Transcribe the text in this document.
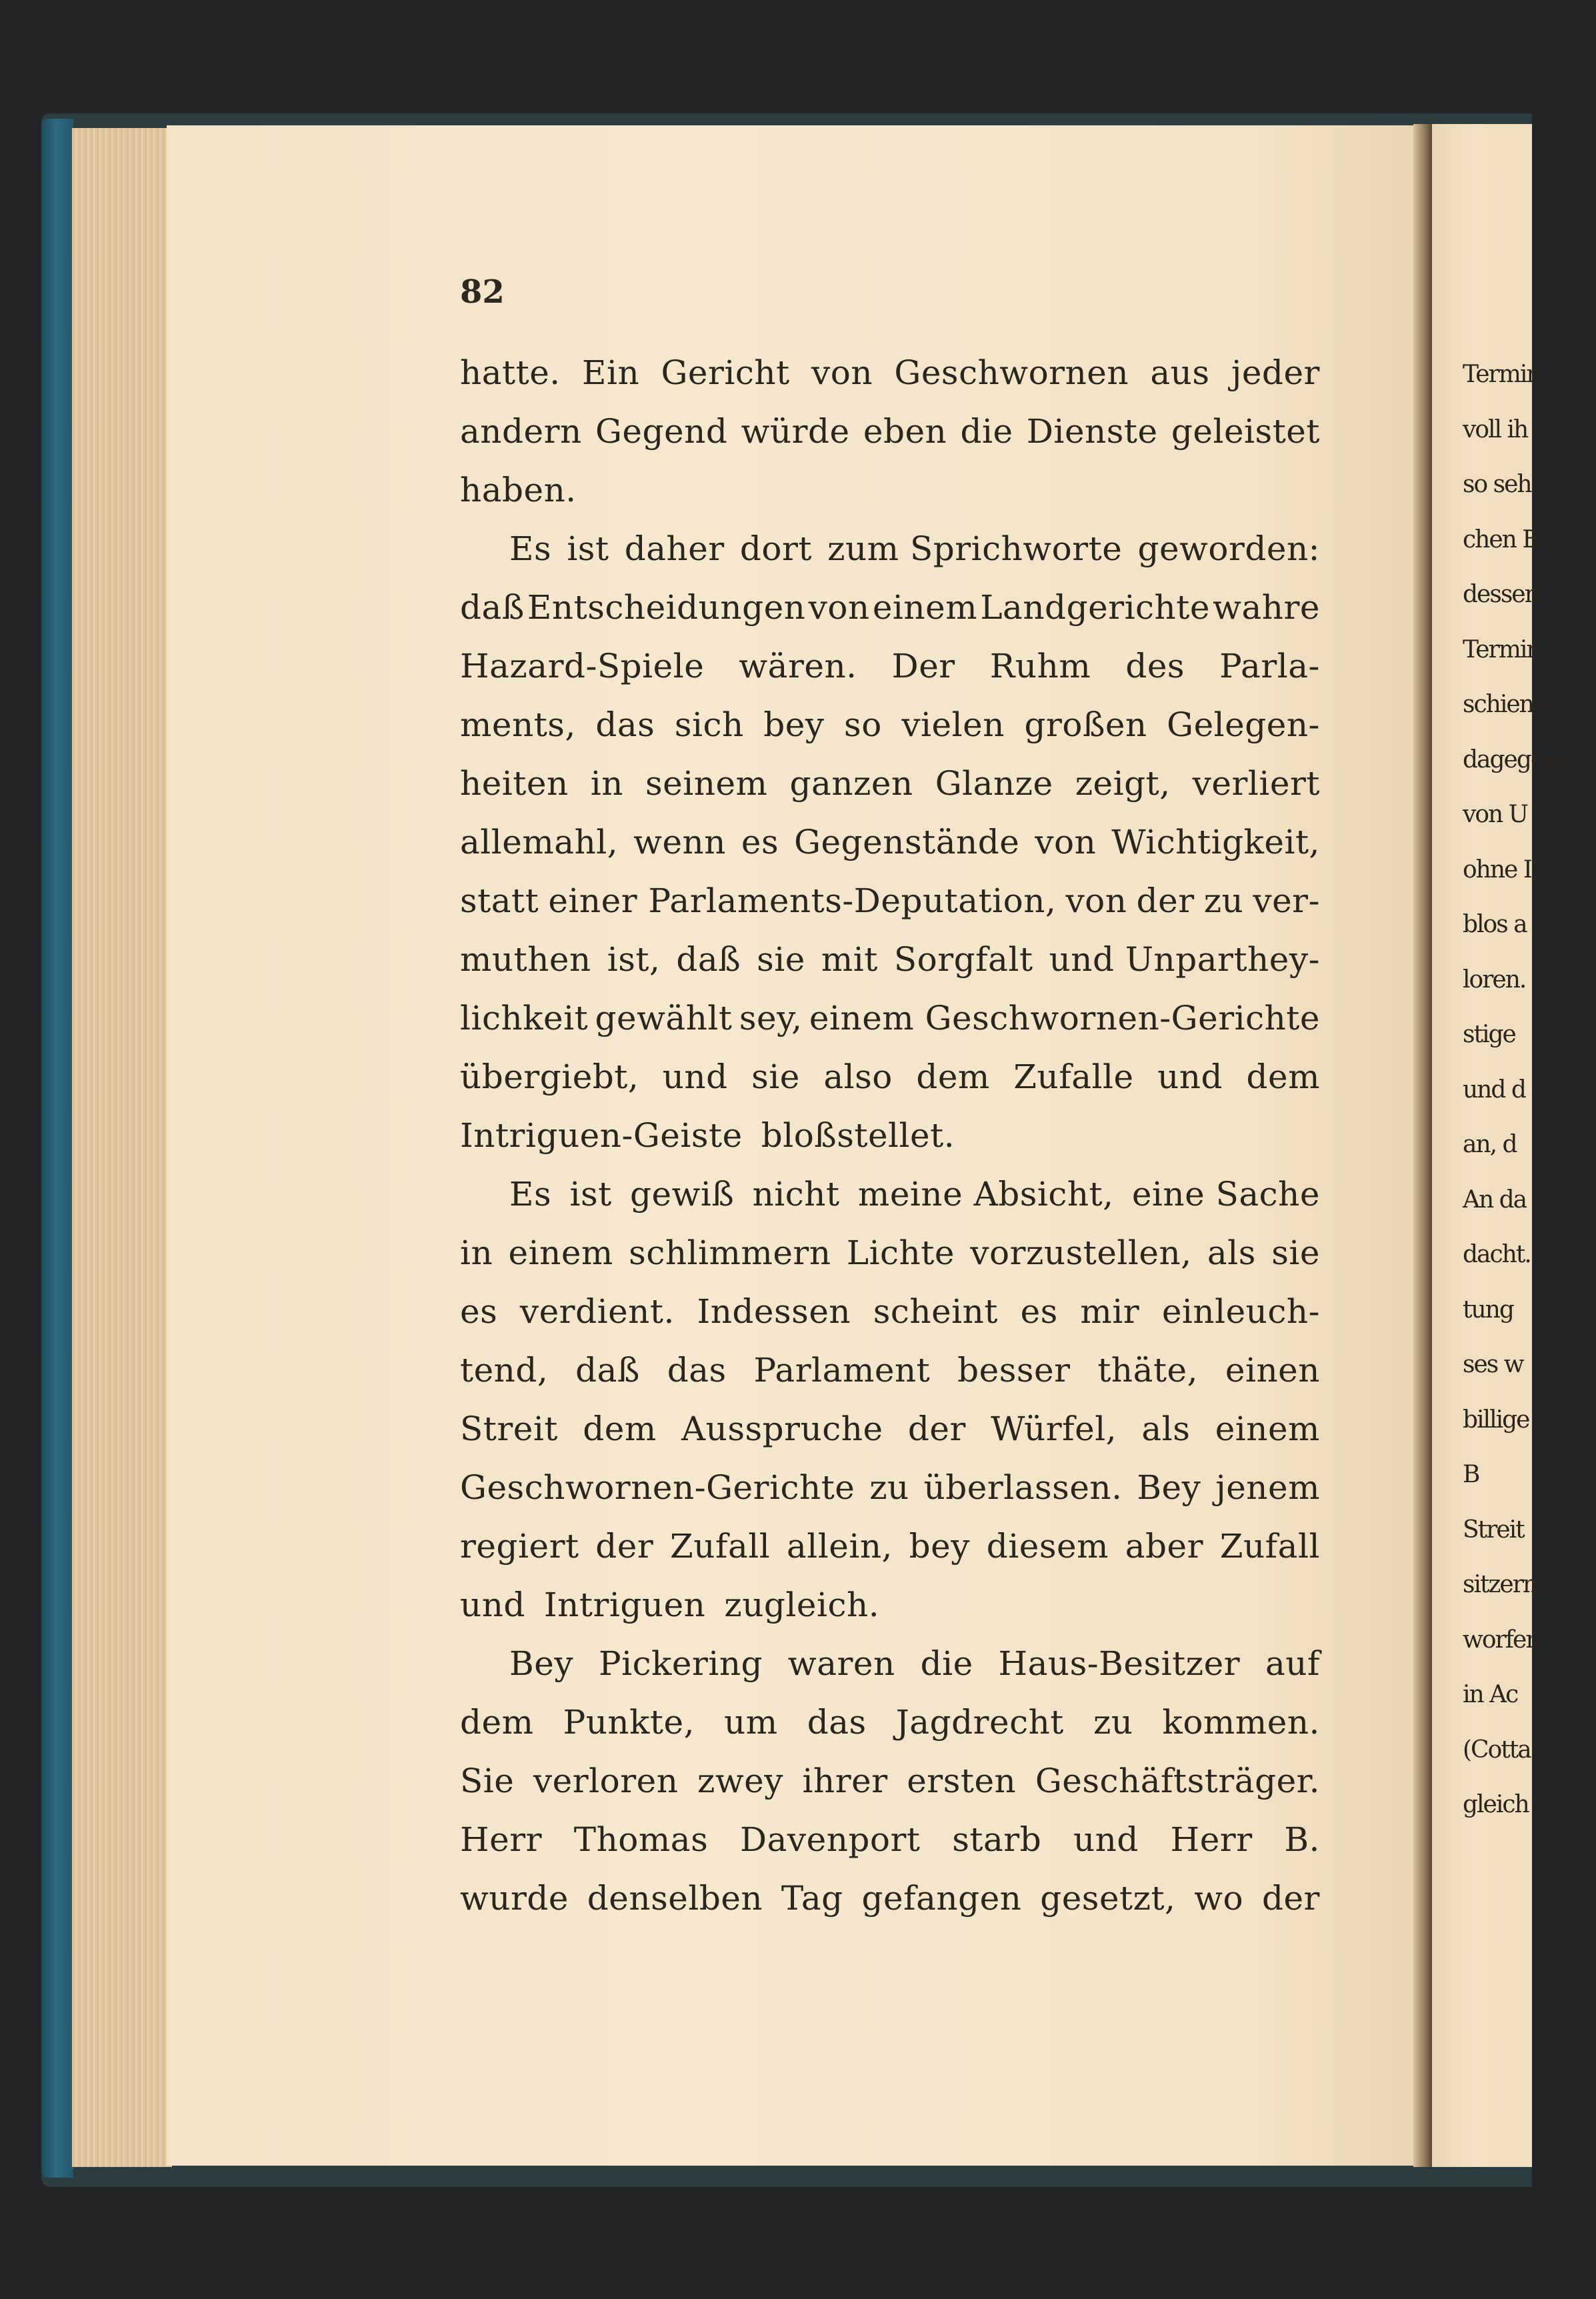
Termin
voll ih
so seh
chen E
dessen
Termin
schiener
dagegen
von U
ohne I
blos a
loren.
stige
und d
an, d
An da
dacht.
tung
ses w
billige
B
Streit
sitzern,
worfen
in Ac
(Cotta
gleich
82
hatte. Ein Gericht von Geschwornen aus jeder
andern Gegend würde eben die Dienste geleistet
haben.
Es ist daher dort zum Sprichworte geworden:
daß Entscheidungen von einem Landgerichte wahre
Hazard-Spiele wären. Der Ruhm des Parla-
ments, das sich bey so vielen großen Gelegen-
heiten in seinem ganzen Glanze zeigt, verliert
allemahl, wenn es Gegenstände von Wichtigkeit,
statt einer Parlaments-Deputation, von der zu ver-
muthen ist, daß sie mit Sorgfalt und Unparthey-
lichkeit gewählt sey, einem Geschwornen-Gerichte
übergiebt, und sie also dem Zufalle und dem
Intriguen-Geiste bloßstellet.
Es ist gewiß nicht meine Absicht, eine Sache
in einem schlimmern Lichte vorzustellen, als sie
es verdient. Indessen scheint es mir einleuch-
tend, daß das Parlament besser thäte, einen
Streit dem Ausspruche der Würfel, als einem
Geschwornen-Gerichte zu überlassen. Bey jenem
regiert der Zufall allein, bey diesem aber Zufall
und Intriguen zugleich.
Bey Pickering waren die Haus-Besitzer auf
dem Punkte, um das Jagdrecht zu kommen.
Sie verloren zwey ihrer ersten Geschäftsträger.
Herr Thomas Davenport starb und Herr B.
wurde denselben Tag gefangen gesetzt, wo der
